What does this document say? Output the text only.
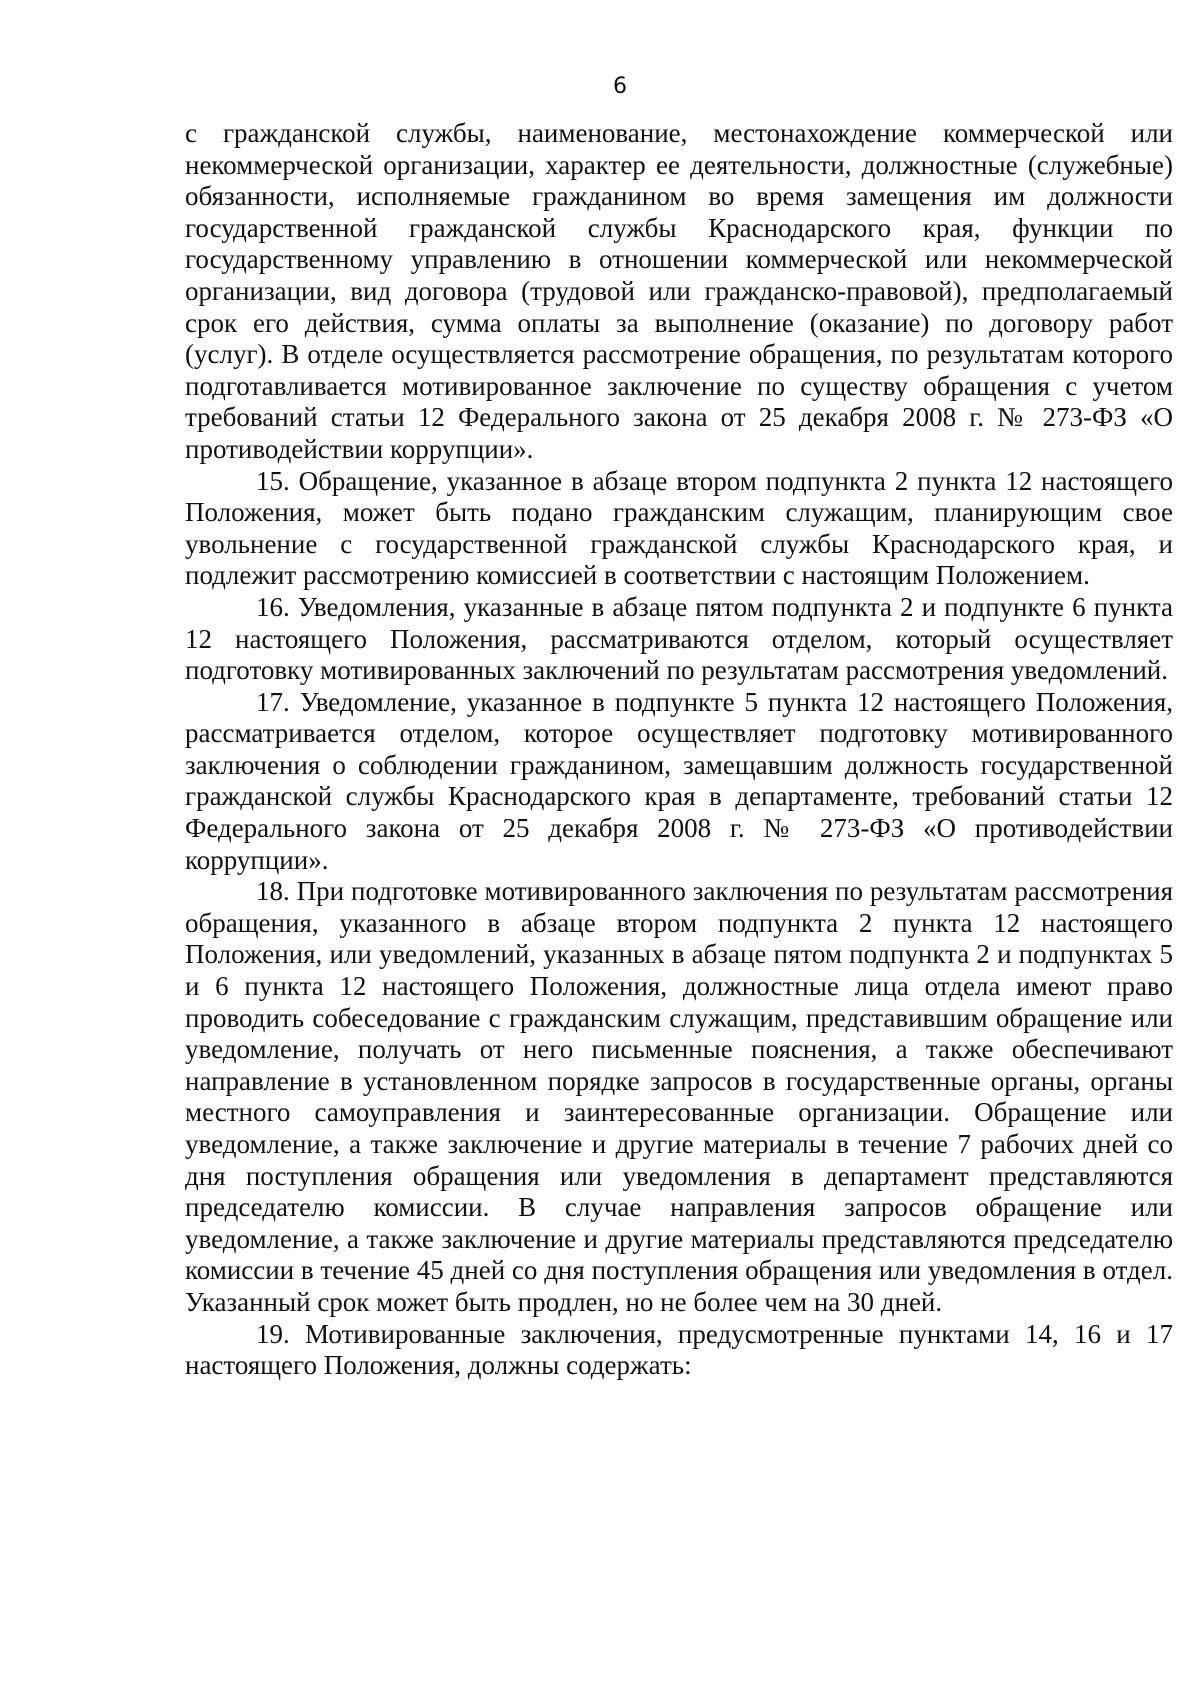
6

с гражданской службы, наименование, местонахождение коммерческой или некоммерческой организации, характер ее деятельности, должностные (служебные) обязанности, исполняемые гражданином во время замещения им должности государственной гражданской службы Краснодарского края, функции по государственному управлению в отношении коммерческой или некоммерческой организации, вид договора (трудовой или гражданско-правовой), предполагаемый срок его действия, сумма оплаты за выполнение (оказание) по договору работ (услуг). В отделе осуществляется рассмотрение обращения, по результатам которого подготавливается мотивированное заключение по существу обращения с учетом требований статьи 12 Федерального закона от 25 декабря 2008 г. № 273-ФЗ «О противодействии коррупции».

15. Обращение, указанное в абзаце втором подпункта 2 пункта 12 настоящего Положения, может быть подано гражданским служащим, планирующим свое увольнение с государственной гражданской службы Краснодарского края, и подлежит рассмотрению комиссией в соответствии с настоящим Положением.

16. Уведомления, указанные в абзаце пятом подпункта 2 и подпункте 6 пункта 12 настоящего Положения, рассматриваются отделом, который осуществляет подготовку мотивированных заключений по результатам рассмотрения уведомлений.

17. Уведомление, указанное в подпункте 5 пункта 12 настоящего Положения, рассматривается отделом, которое осуществляет подготовку мотивированного заключения о соблюдении гражданином, замещавшим должность государственной гражданской службы Краснодарского края в департаменте, требований статьи 12 Федерального закона от 25 декабря 2008 г. № 273-ФЗ «О противодействии коррупции».

18. При подготовке мотивированного заключения по результатам рассмотрения обращения, указанного в абзаце втором подпункта 2 пункта 12 настоящего Положения, или уведомлений, указанных в абзаце пятом подпункта 2 и подпунктах 5 и 6 пункта 12 настоящего Положения, должностные лица отдела имеют право проводить собеседование с гражданским служащим, представившим обращение или уведомление, получать от него письменные пояснения, а также обеспечивают направление в установленном порядке запросов в государственные органы, органы местного самоуправления и заинтересованные организации. Обращение или уведомление, а также заключение и другие материалы в течение 7 рабочих дней со дня поступления обращения или уведомления в департамент представляются председателю комиссии. В случае направления запросов обращение или уведомление, а также заключение и другие материалы представляются председателю комиссии в течение 45 дней со дня поступления обращения или уведомления в отдел. Указанный срок может быть продлен, но не более чем на 30 дней.

19. Мотивированные заключения, предусмотренные пунктами 14, 16 и 17 настоящего Положения, должны содержать:
